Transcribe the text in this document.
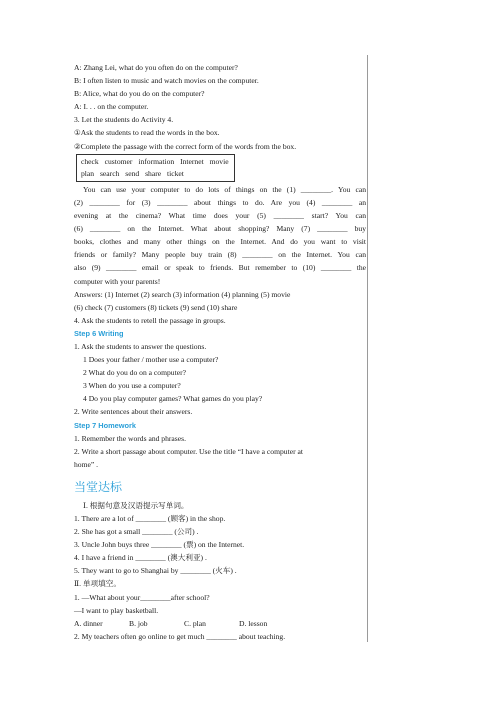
A: Zhang Lei, what do you often do on the computer?
B: I often listen to music and watch movies on the computer.
B: Alice, what do you do on the computer?
A: I. . . on the computer.
3. Let the students do Activity 4.
①Ask the students to read the words in the box.
②Complete the passage with the correct form of the words from the box.
check customer information Internet movie
plan search send share ticket
You can use your computer to do lots of things on the (1) ________. You can
(2) ________ for (3) ________ about things to do. Are you (4) ________ an
evening at the cinema? What time does your (5) ________ start? You can
(6) ________ on the Internet. What about shopping? Many (7) ________ buy
books, clothes and many other things on the Internet. And do you want to visit
friends or family? Many people buy train (8) ________ on the Internet. You can
also (9) ________ email or speak to friends. But remember to (10) ________ the
computer with your parents!
Answers: (1) Internet (2) search (3) information (4) planning (5) movie
(6) check (7) customers (8) tickets (9) send (10) share
4. Ask the students to retell the passage in groups.
Step 6 Writing
1. Ask the students to answer the questions.
1 Does your father / mother use a computer?
2 What do you do on a computer?
3 When do you use a computer?
4 Do you play computer games? What games do you play?
2. Write sentences about their answers.
Step 7 Homework
1. Remember the words and phrases.
2. Write a short passage about computer. Use the title “I have a computer at
home” .
当堂达标
Ⅰ. 根据句意及汉语提示写单词。
1. There are a lot of ________ (顾客) in the shop.
2. She has got a small ________ (公司) .
3. Uncle John buys three ________ (票) on the Internet.
4. I have a friend in ________ (澳大利亚) .
5. They want to go to Shanghai by ________ (火车) .
Ⅱ. 单项填空。
1. —What about your________after school?
—I want to play basketball.
A. dinner	B. job	C. plan	D. lesson
2. My teachers often go online to get much ________ about teaching.
